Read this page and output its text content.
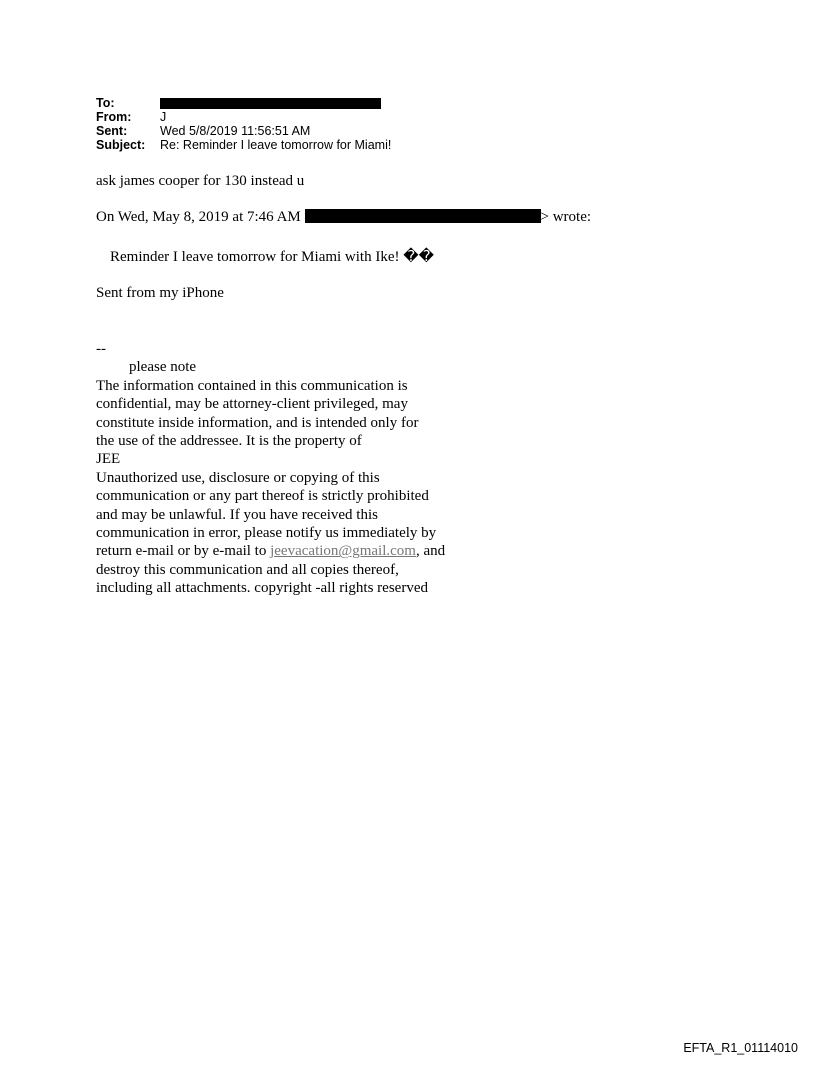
To:
From:	J
Sent:	Wed 5/8/2019 11:56:51 AM
Subject:	Re: Reminder I leave tomorrow for Miami!
ask james cooper for 130 instead u
On Wed, May 8, 2019 at 7:46 AM	> wrote:
Reminder I leave tomorrow for Miami with Ike! ��
Sent from my iPhone
--
please note
The information contained in this communication is
confidential, may be attorney-client privileged, may
constitute inside information, and is intended only for
the use of the addressee. It is the property of
JEE
Unauthorized use, disclosure or copying of this
communication or any part thereof is strictly prohibited
and may be unlawful. If you have received this
communication in error, please notify us immediately by
return e-mail or by e-mail to jeevacation@gmail.com, and
destroy this communication and all copies thereof,
including all attachments. copyright -all rights reserved
EFTA_R1_01114010
